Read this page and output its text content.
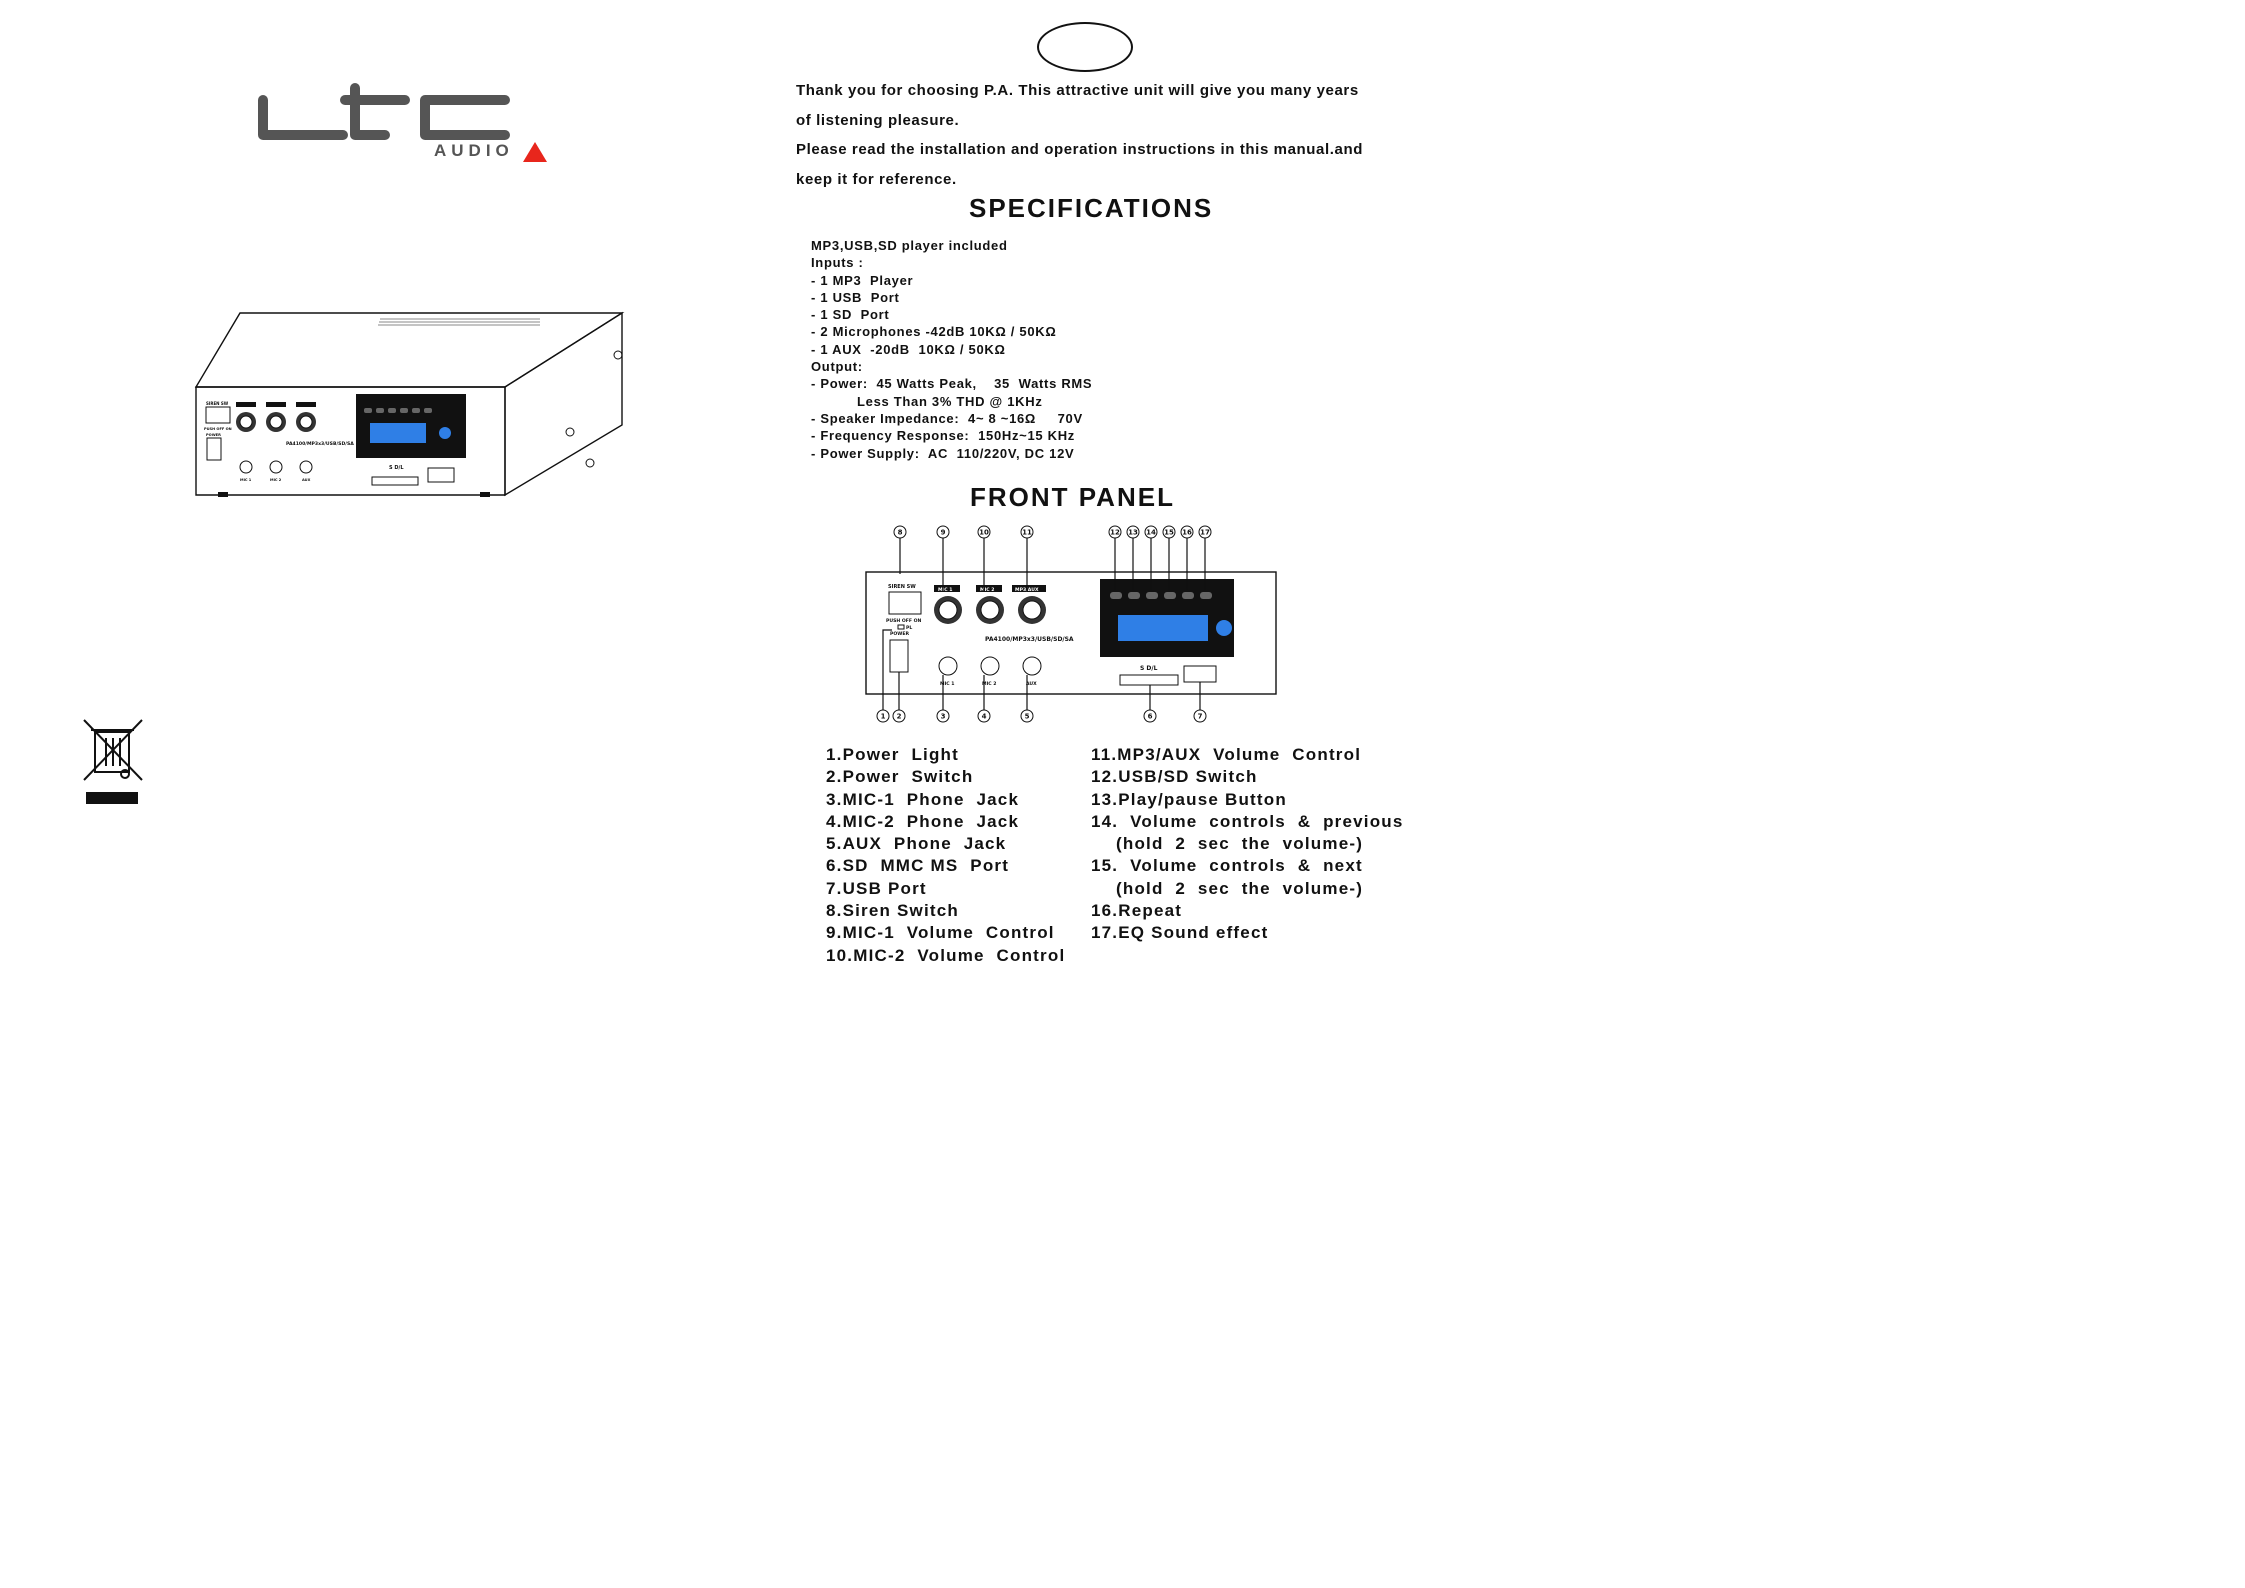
AUDIO
SIREN SW
PUSH OFF ON
POWER
PA4100/MP3x3/USB/SD/SA
MIC 1	MIC 2	AUX
S D/L
Thank you for choosing P.A. This attractive unit will give you many years
of listening pleasure.
Please read the installation and operation instructions in this manual.and
keep it for reference.
SPECIFICATIONS
MP3,USB,SD player included
Inputs :
- 1 MP3  Player
- 1 USB  Port
- 1 SD  Port
- 2 Microphones -42dB 10KΩ / 50KΩ
- 1 AUX  -20dB  10KΩ / 50KΩ
Output:
- Power:  45 Watts Peak,    35  Watts RMS
Less Than 3% THD @ 1KHz
- Speaker Impedance:  4~ 8 ~16Ω     70V
- Frequency Response:  150Hz~15 KHz
- Power Supply:  AC  110/220V, DC 12V
FRONT PANEL
SIREN SW
PUSH OFF ON
PL
POWER
MIC 1	MIC 2	MP3/AUX
PA4100/MP3x3/USB/SD/SA
MIC 1	MIC 2	AUX
S D/L
8	9	10	11	12 13 14 15 16 17
1 2	3	4	5	6	7
1.Power  Light
2.Power  Switch
3.MIC-1  Phone  Jack
4.MIC-2  Phone  Jack
5.AUX  Phone  Jack
6.SD  MMC MS  Port
7.USB Port
8.Siren Switch
9.MIC-1  Volume  Control
10.MIC-2  Volume  Control
11.MP3/AUX  Volume  Control
12.USB/SD Switch
13.Play/pause Button
14.  Volume  controls  &  previous
(hold  2  sec  the  volume-)
15.  Volume  controls  &  next
(hold  2  sec  the  volume-)
16.Repeat
17.EQ Sound effect
